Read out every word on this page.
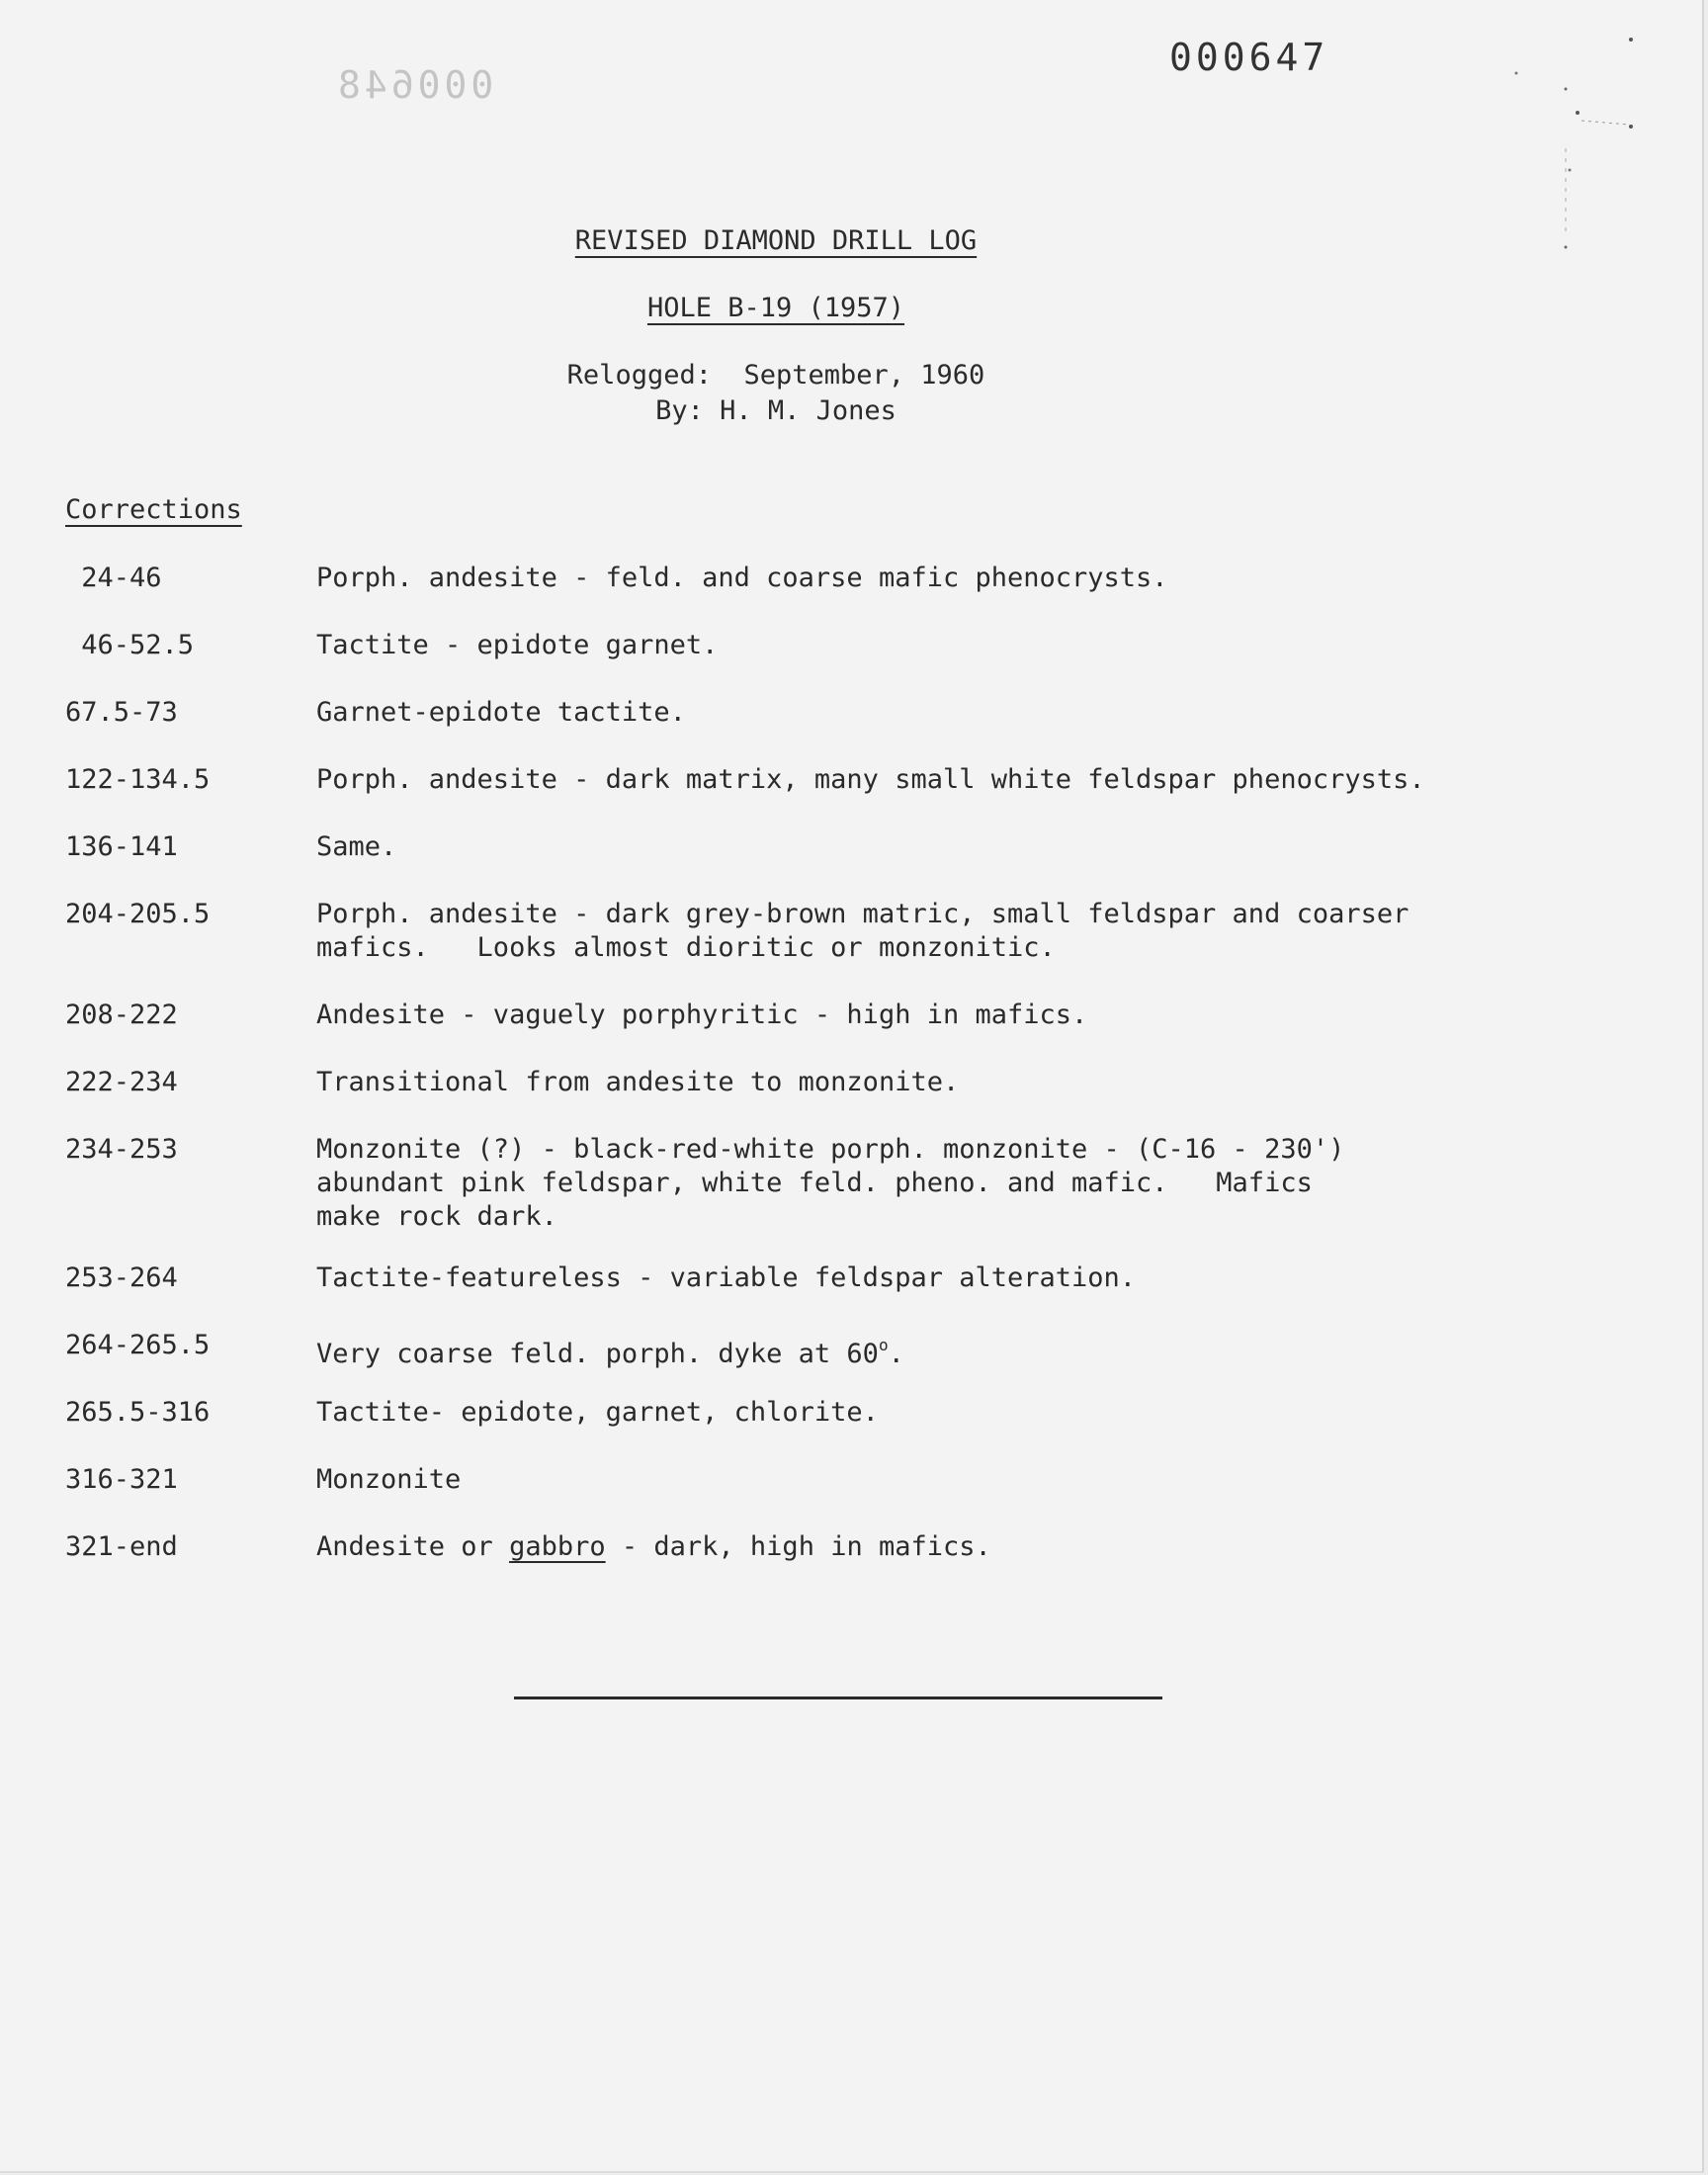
000648
000647
REVISED DIAMOND DRILL LOG
HOLE B-19 (1957)
Relogged:  September, 1960
By: H. M. Jones
Corrections
24-46	Porph. andesite - feld. and coarse mafic phenocrysts.
46-52.5	Tactite - epidote garnet.
67.5-73	Garnet-epidote tactite.
122-134.5	Porph. andesite - dark matrix, many small white feldspar phenocrysts.
136-141	Same.
204-205.5	Porph. andesite - dark grey-brown matric, small feldspar and coarser
mafics.   Looks almost dioritic or monzonitic.
208-222	Andesite - vaguely porphyritic - high in mafics.
222-234	Transitional from andesite to monzonite.
234-253	Monzonite (?) - black-red-white porph. monzonite - (C-16 - 230')
abundant pink feldspar, white feld. pheno. and mafic.   Mafics
make rock dark.
253-264	Tactite-featureless - variable feldspar alteration.
264-265.5	Very coarse feld. porph. dyke at 60$^o$.
265.5-316	Tactite- epidote, garnet, chlorite.
316-321	Monzonite
321-end	Andesite or gabbro - dark, high in mafics.
